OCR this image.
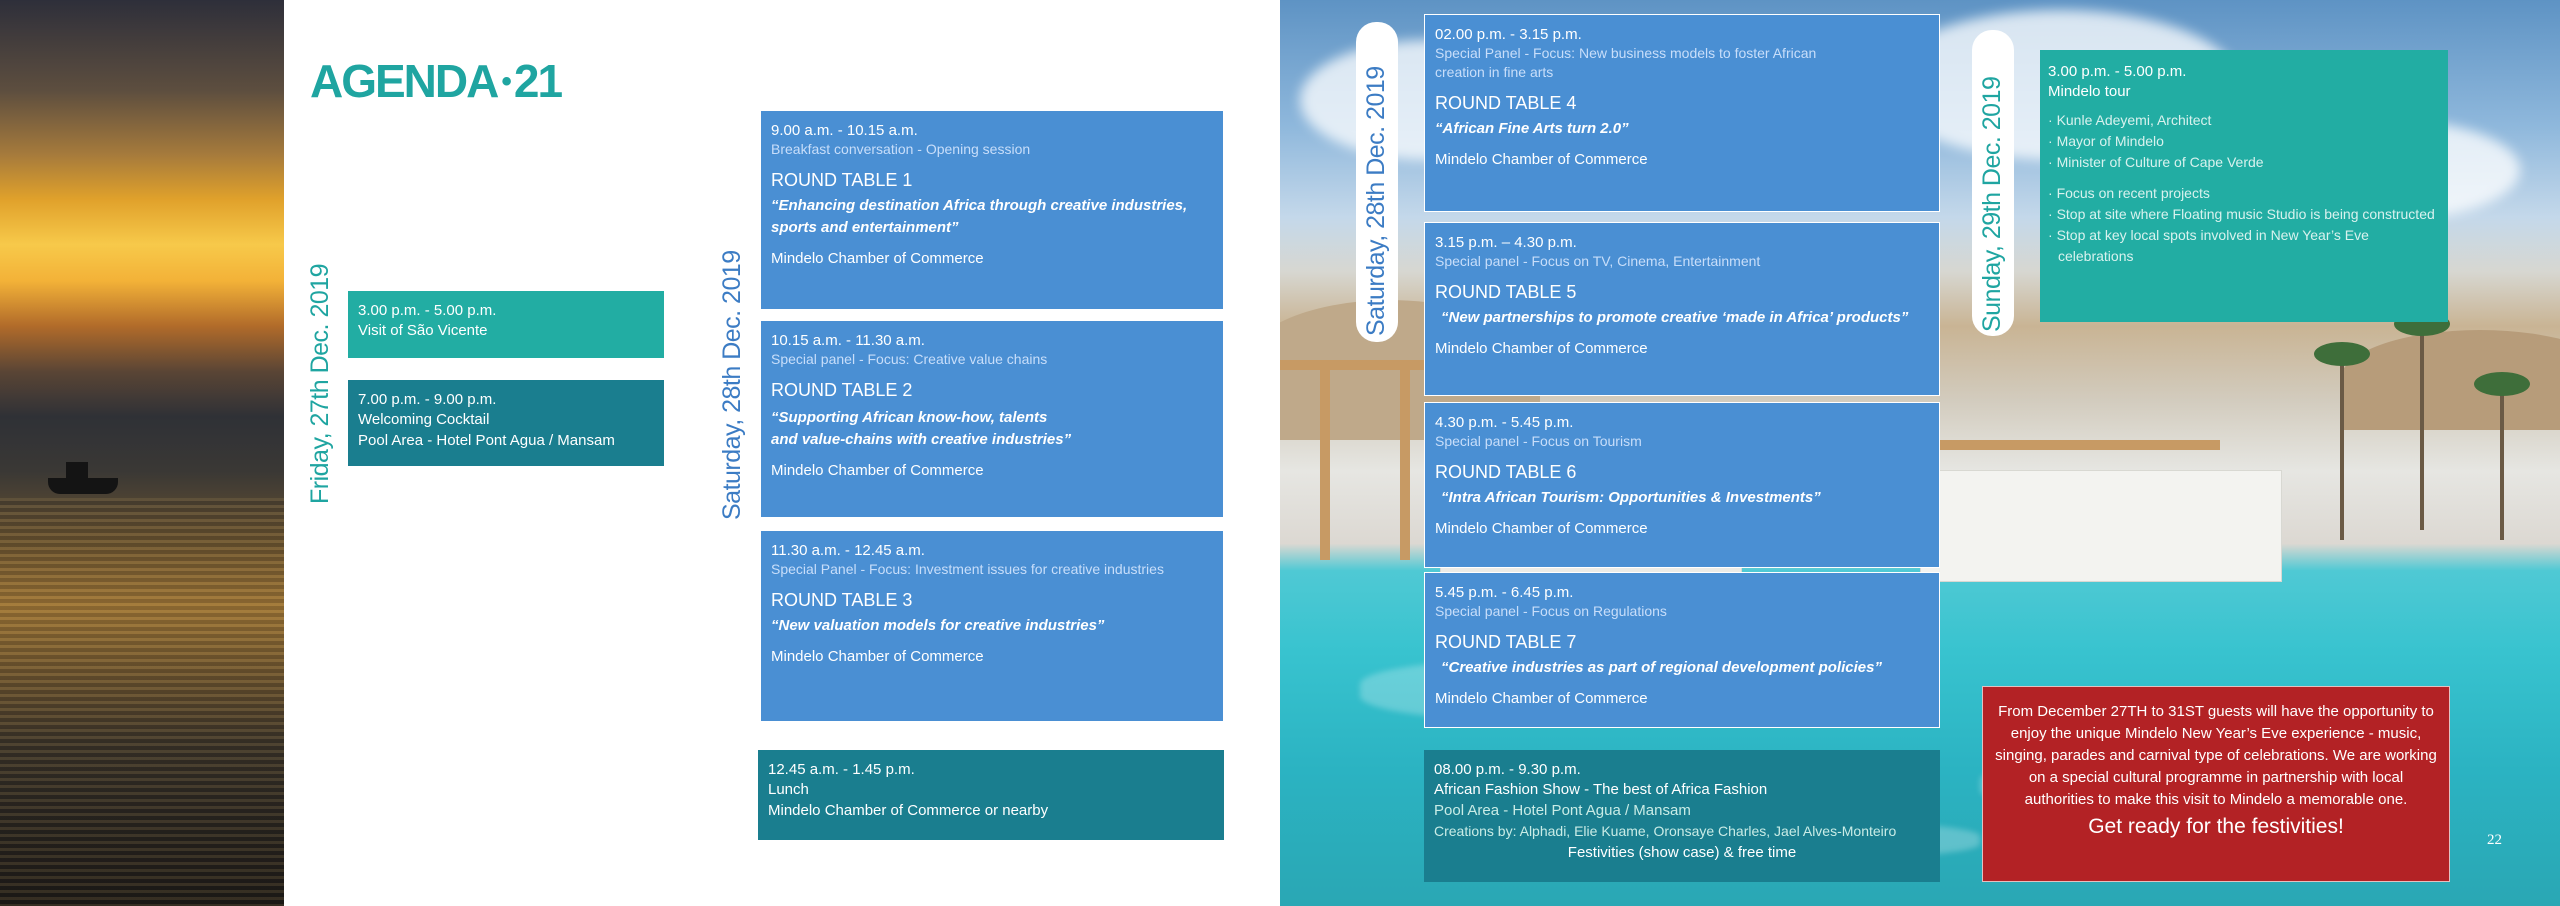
AGENDA •21
Friday, 27th Dec. 2019	Saturday, 28th Dec. 2019
Saturday, 28th Dec. 2019	Sunday, 29th Dec. 2019
3.00 p.m. - 5.00 p.m.
Visit of São Vicente
7.00 p.m. - 9.00 p.m.
Welcoming Cocktail
Pool Area - Hotel Pont Agua / Mansam
9.00 a.m. - 10.15 a.m.
Breakfast conversation - Opening session
ROUND TABLE 1
“Enhancing destination Africa through creative industries, sports and entertainment”
Mindelo Chamber of Commerce
10.15 a.m. - 11.30 a.m.
Special panel - Focus: Creative value chains
ROUND TABLE 2
“Supporting African know-how, talents
and value-chains with creative industries”
Mindelo Chamber of Commerce
11.30 a.m. - 12.45 a.m.
Special Panel - Focus: Investment issues for creative industries
ROUND TABLE 3
“New valuation models for creative industries”
Mindelo Chamber of Commerce
12.45 a.m. - 1.45 p.m.
Lunch
Mindelo Chamber of Commerce or nearby
02.00 p.m. - 3.15 p.m.
Special Panel - Focus: New business models to foster African creation in fine arts
ROUND TABLE 4
“African Fine Arts turn 2.0”
Mindelo Chamber of Commerce
3.15 p.m. – 4.30 p.m.
Special panel - Focus on TV, Cinema, Entertainment
ROUND TABLE 5
“New partnerships to promote creative ‘made in Africa’ products”
Mindelo Chamber of Commerce
4.30 p.m. - 5.45 p.m.
Special panel - Focus on Tourism
ROUND TABLE 6
“Intra African Tourism: Opportunities & Investments”
Mindelo Chamber of Commerce
5.45 p.m. - 6.45 p.m.
Special panel - Focus on Regulations
ROUND TABLE 7
“Creative industries as part of regional development policies”
Mindelo Chamber of Commerce
08.00 p.m. - 9.30 p.m.
African Fashion Show - The best of Africa Fashion
Pool Area - Hotel Pont Agua / Mansam
Creations by: Alphadi, Elie Kuame, Oronsaye Charles, Jael Alves-Monteiro
Festivities (show case) & free time
3.00 p.m. - 5.00 p.m.
Mindelo tour
· Kunle Adeyemi, Architect
· Mayor of Mindelo
· Minister of Culture of Cape Verde
· Focus on recent projects
· Stop at site where Floating music Studio is being constructed
· Stop at key local spots involved in New Year’s Eve celebrations
From December 27TH to 31ST guests will have the opportunity to enjoy the unique Mindelo New Year’s Eve experience - music, singing, parades and carnival type of celebrations. We are working on a special cultural programme in partnership with local authorities to make this visit to Mindelo a memorable one.
Get ready for the festivities!
22
